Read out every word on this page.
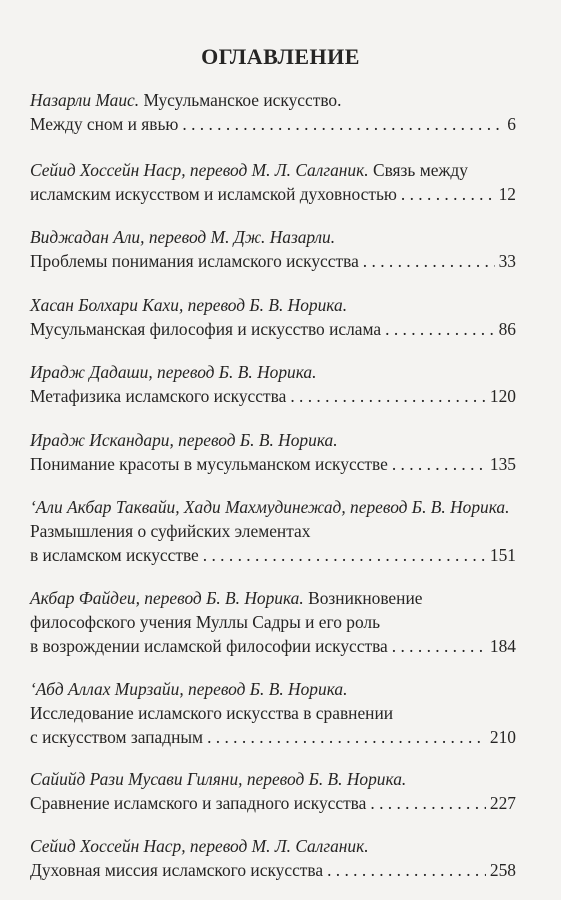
ОГЛАВЛЕНИЕ
Назарли Маис.
Мусульманское искусство.
Между сном и явью . . .	6
Сейид Хоссейн Наср, перевод М. Л. Салганик.
Связь между
исламским искусством и исламской духовностью . . .	12
Виджадан Али, перевод М. Дж. Назарли.
Проблемы понимания исламского искусства . . .	33
Хасан Болхари Кахи, перевод Б. В. Норика.
Мусульманская философия и искусство ислама . . .	86
Ирадж Дадаши, перевод Б. В. Норика.
Метафизика исламского искусства . . .	120
Ирадж Искандари, перевод Б. В. Норика.
Понимание красоты в мусульманском искусстве . . .	135
ʻАли Акбар Таквайи, Хади Махмудинежад, перевод Б. В. Норика.
Размышления о суфийских элементах
в исламском искусстве . . .	151
Акбар Файдеи, перевод Б. В. Норика.
Возникновение
философского учения Муллы Садры и его роль
в возрождении исламской философии искусства . . .	184
ʻАбд Аллах Мирзайи, перевод Б. В. Норика.
Исследование исламского искусства в сравнении
с искусством западным . . .	210
Сайийд Рази Мусави Гиляни, перевод Б. В. Норика.
Сравнение исламского и западного искусства . . .	227
Сейид Хоссейн Наср, перевод М. Л. Салганик.
Духовная миссия исламского искусства . . .	258
